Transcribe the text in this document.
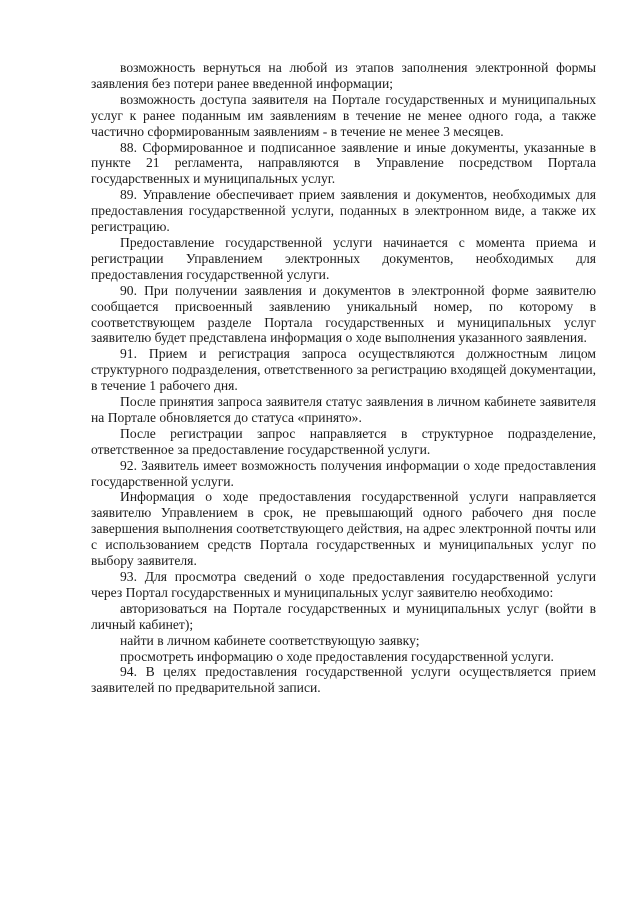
возможность вернуться на любой из этапов заполнения электронной формы заявления без потери ранее введенной информации;

возможность доступа заявителя на Портале государственных и муниципальных услуг к ранее поданным им заявлениям в течение не менее одного года, а также частично сформированным заявлениям - в течение не менее 3 месяцев.

88. Сформированное и подписанное заявление и иные документы, указанные в пункте 21 регламента, направляются в Управление посредством Портала государственных и муниципальных услуг.

89. Управление обеспечивает прием заявления и документов, необходимых для предоставления государственной услуги, поданных в электронном виде, а также их регистрацию.

Предоставление государственной услуги начинается с момента приема и регистрации Управлением электронных документов, необходимых для предоставления государственной услуги.

90. При получении заявления и документов в электронной форме заявителю сообщается присвоенный заявлению уникальный номер, по которому в соответствующем разделе Портала государственных и муниципальных услуг заявителю будет представлена информация о ходе выполнения указанного заявления.

91. Прием и регистрация запроса осуществляются должностным лицом структурного подразделения, ответственного за регистрацию входящей документации, в течение 1 рабочего дня.

После принятия запроса заявителя статус заявления в личном кабинете заявителя на Портале обновляется до статуса «принято».

После регистрации запрос направляется в структурное подразделение, ответственное за предоставление государственной услуги.

92. Заявитель имеет возможность получения информации о ходе предоставления государственной услуги.

Информация о ходе предоставления государственной услуги направляется заявителю Управлением в срок, не превышающий одного рабочего дня после завершения выполнения соответствующего действия, на адрес электронной почты или с использованием средств Портала государственных и муниципальных услуг по выбору заявителя.

93. Для просмотра сведений о ходе предоставления государственной услуги через Портал государственных и муниципальных услуг заявителю необходимо:

авторизоваться на Портале государственных и муниципальных услуг (войти в личный кабинет);

найти в личном кабинете соответствующую заявку;

просмотреть информацию о ходе предоставления государственной услуги.

94. В целях предоставления государственной услуги осуществляется прием заявителей по предварительной записи.
